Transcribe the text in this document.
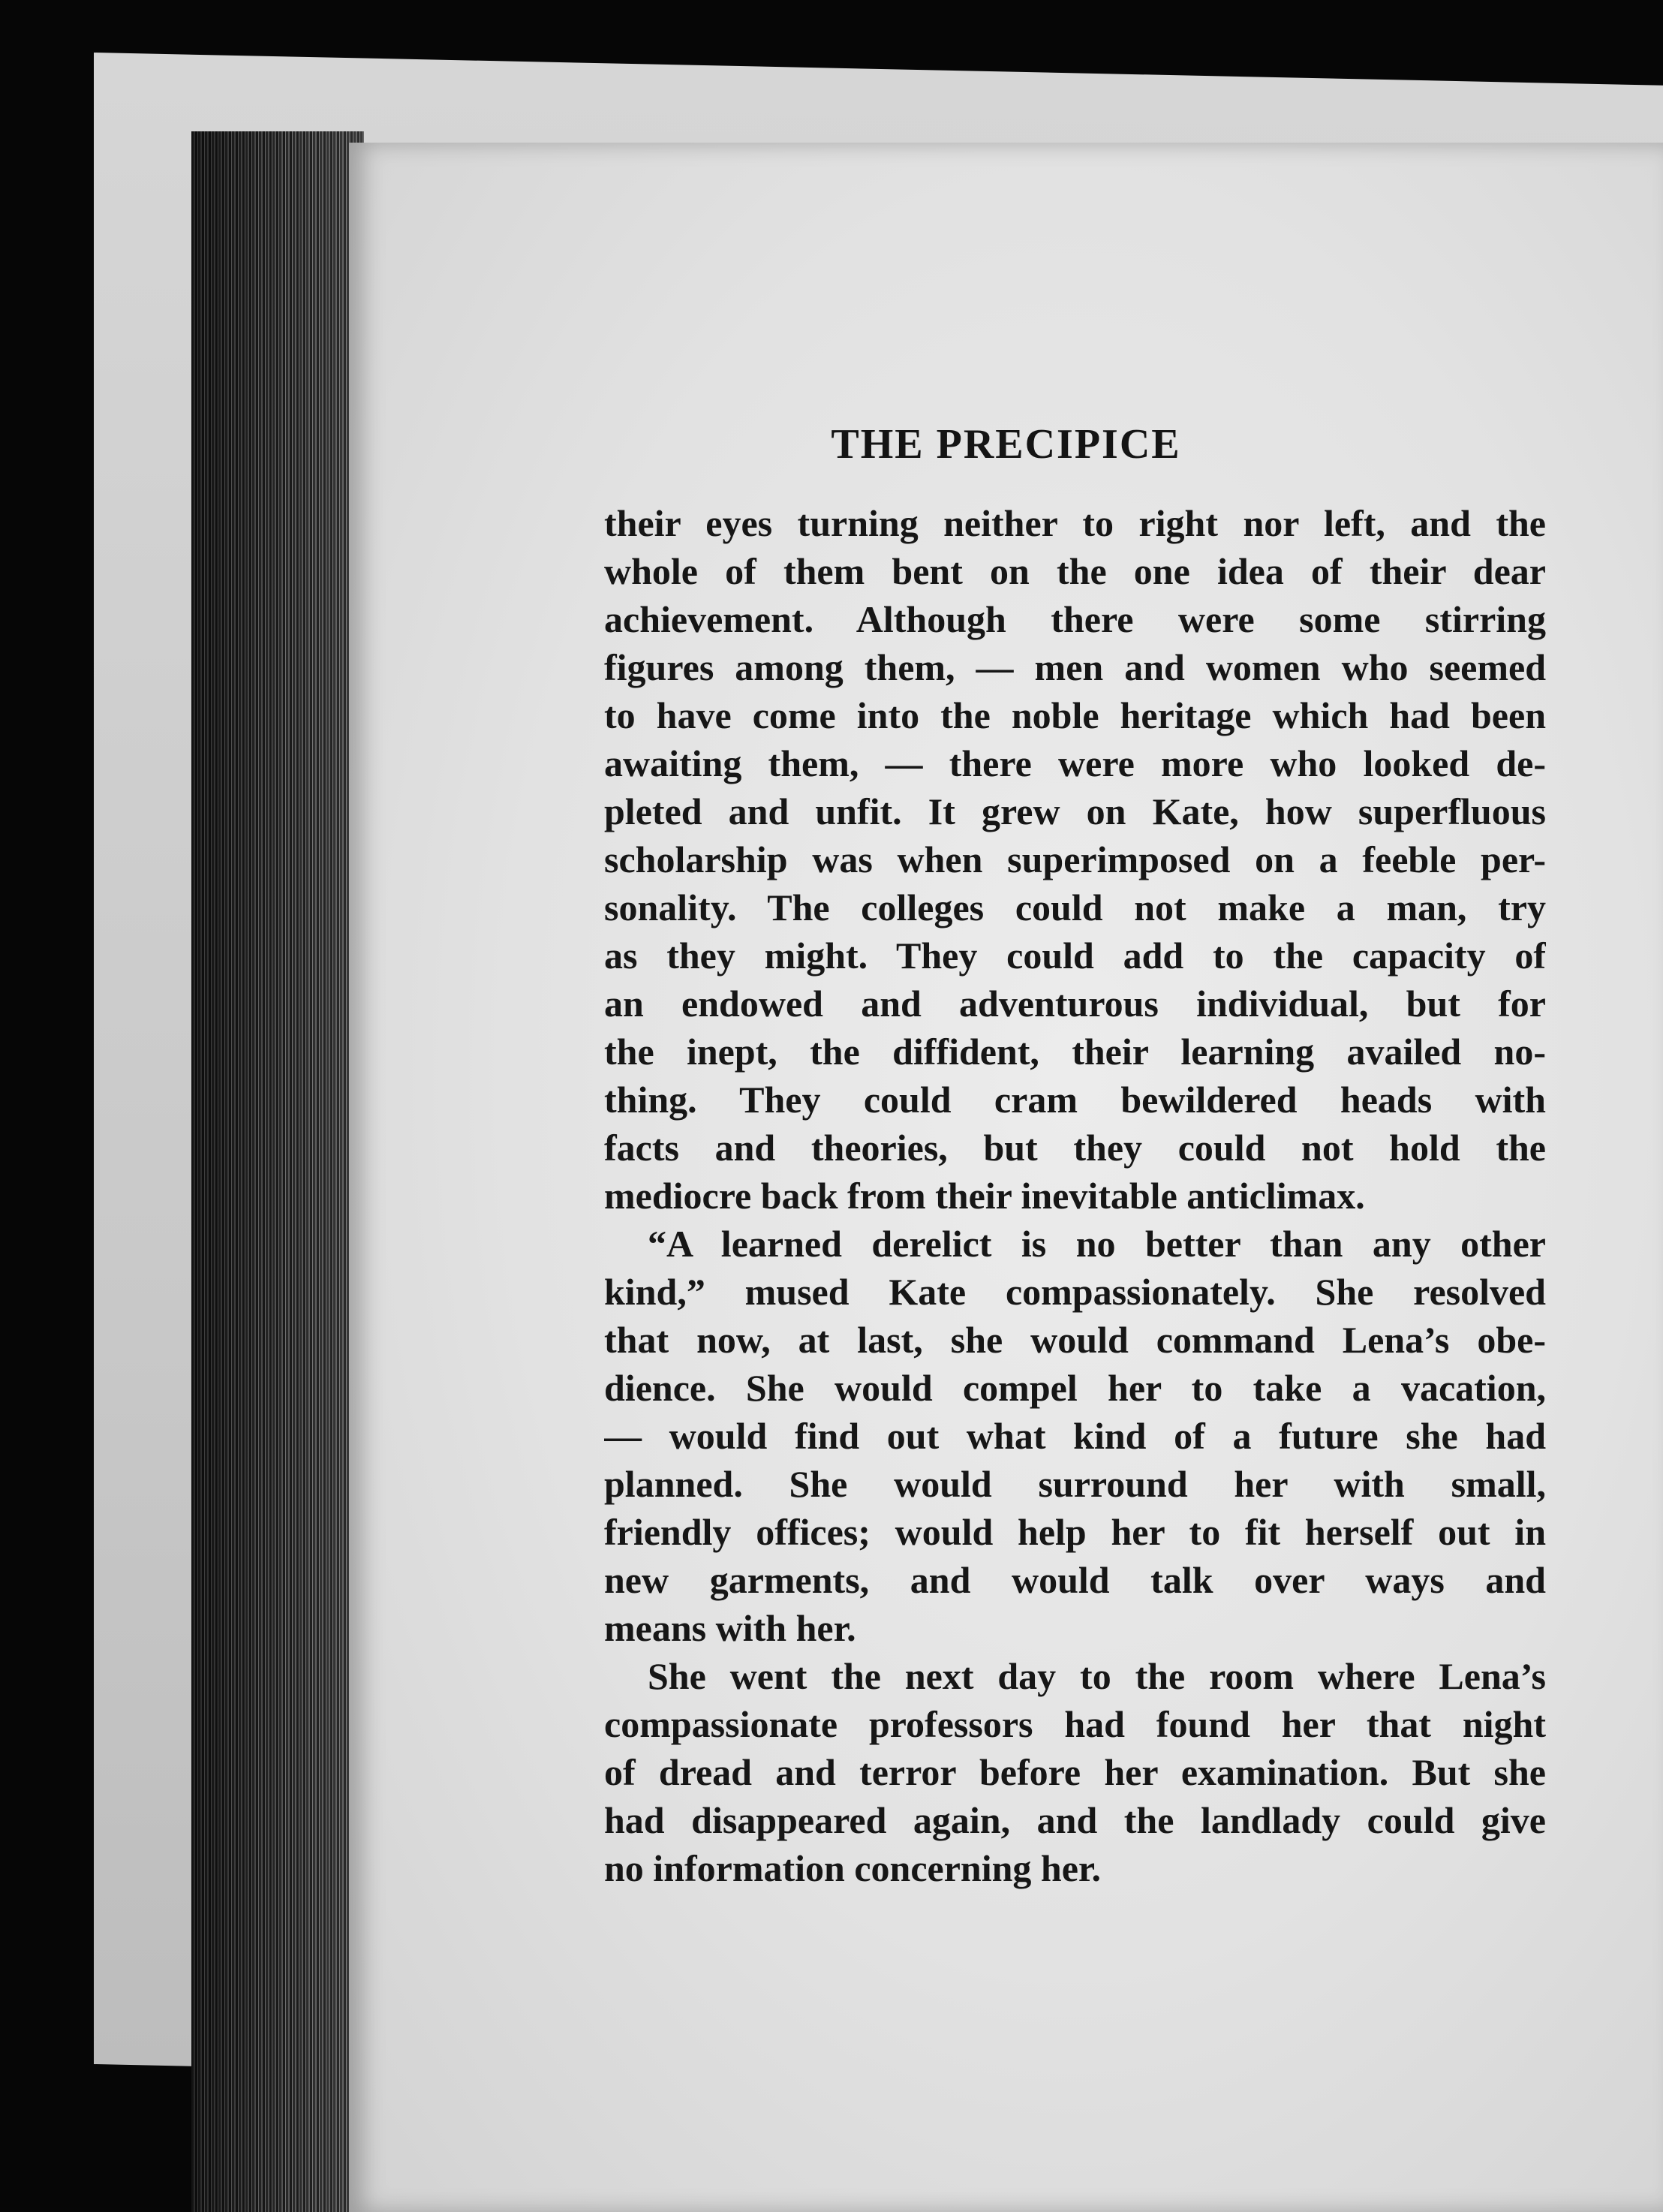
THE PRECIPICE
their eyes turning neither to right nor left, and the
whole of them bent on the one idea of their dear
achievement. Although there were some stirring
figures among them, — men and women who seemed
to have come into the noble heritage which had been
awaiting them, — there were more who looked de-
pleted and unfit. It grew on Kate, how superfluous
scholarship was when superimposed on a feeble per-
sonality. The colleges could not make a man, try
as they might. They could add to the capacity of
an endowed and adventurous individual, but for
the inept, the diffident, their learning availed no-
thing. They could cram bewildered heads with
facts and theories, but they could not hold the
mediocre back from their inevitable anticlimax.
“A learned derelict is no better than any other
kind,” mused Kate compassionately. She resolved
that now, at last, she would command Lena’s obe-
dience. She would compel her to take a vacation,
— would find out what kind of a future she had
planned. She would surround her with small,
friendly offices; would help her to fit herself out in
new garments, and would talk over ways and
means with her.
She went the next day to the room where Lena’s
compassionate professors had found her that night
of dread and terror before her examination. But she
had disappeared again, and the landlady could give
no information concerning her.
